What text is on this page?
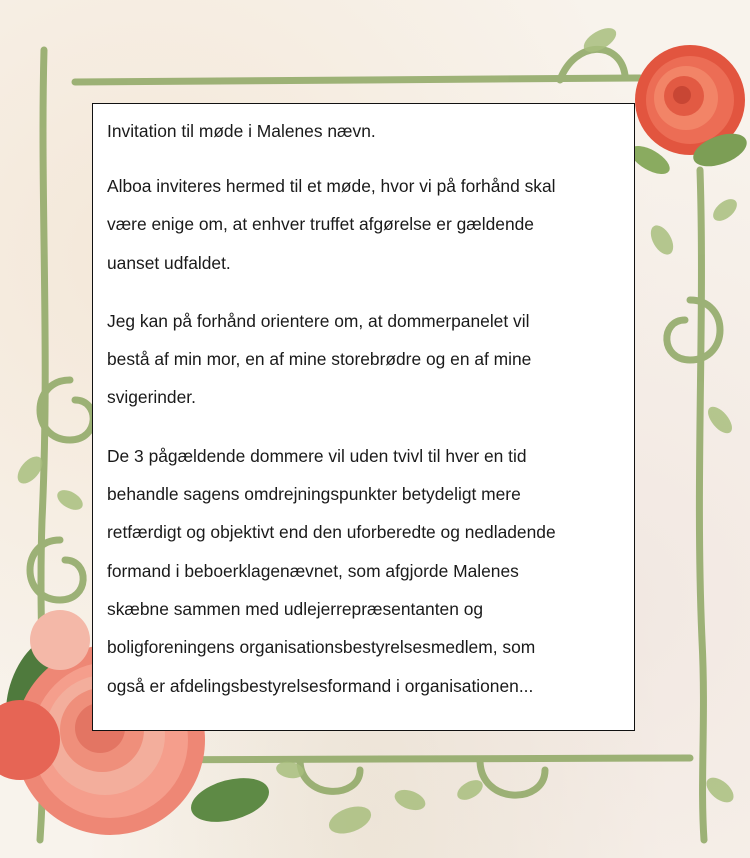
Invitation til møde i Malenes nævn.

Alboa inviteres hermed til et møde, hvor vi på forhånd skal
være enige om, at enhver truffet afgørelse er gældende
uanset udfaldet.
Jeg kan på forhånd orientere om, at dommerpanelet vil
bestå af min mor, en af mine storebrødre og en af mine
svigerinder.
De 3 pågældende dommere vil uden tvivl til hver en tid
behandle sagens omdrejningspunkter betydeligt mere
retfærdigt og objektivt end den uforberedte og nedladende
formand i beboerklagenævnet, som afgjorde Malenes
skæbne sammen med udlejerrepræsentanten og
boligforeningens organisationsbestyrelsesmedlem, som
også er afdelingsbestyrelsesformand i organisationen...
